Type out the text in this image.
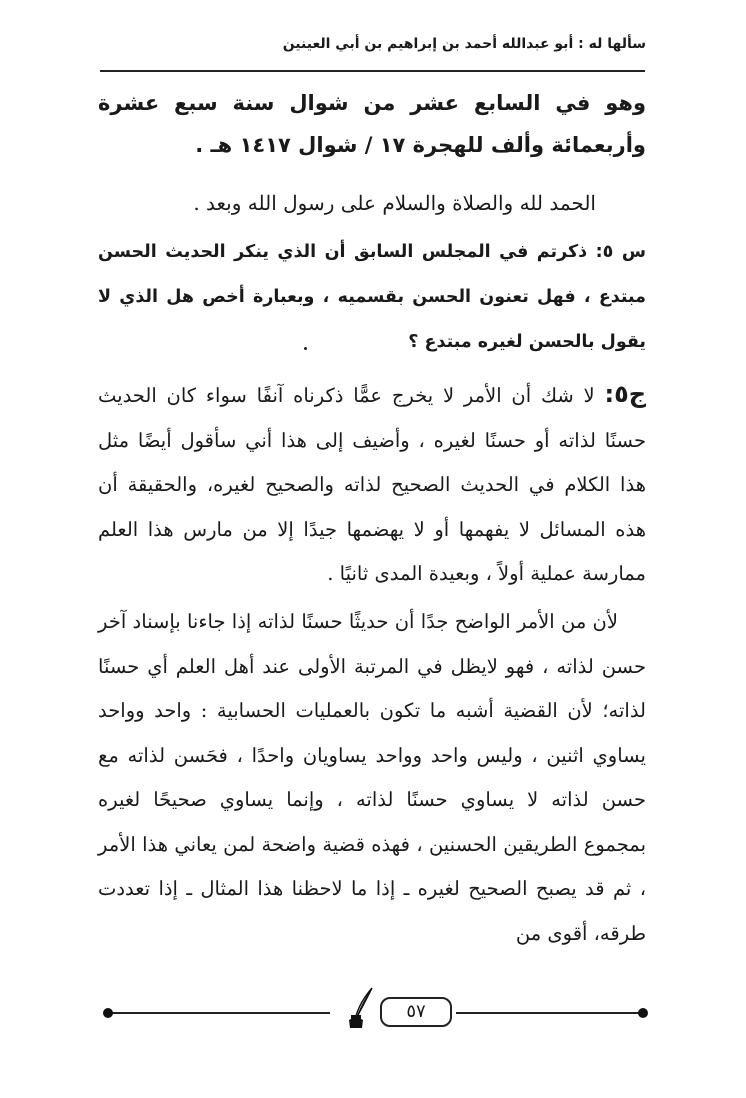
سألها له : أبو عبدالله أحمد بن إبراهيم بن أبي العينين
وهو في السابع عشر من شوال سنة سبع عشرة وأربعمائة وألف للهجرة ١٧ / شوال ١٤١٧ هـ .
الحمد لله والصلاة والسلام على رسول الله وبعد .
س ٥: ذكرتم في المجلس السابق أن الذي ينكر الحديث الحسن مبتدع ، فهل تعنون الحسن بقسميه ، وبعبارة أخص هل الذي لا يقول بالحسن لغيره مبتدع ؟
ج٥: لا شك أن الأمر لا يخرج عمًّا ذكرناه آنفًا سواء كان الحديث حسنًا لذاته أو حسنًا لغيره ، وأضيف إلى هذا أني سأقول أيضًا مثل هذا الكلام في الحديث الصحيح لذاته والصحيح لغيره، والحقيقة أن هذه المسائل لا يفهمها أو لا يهضمها جيدًا إلا من مارس هذا العلم ممارسة عملية أولاً ، وبعيدة المدى ثانيًا .
لأن من الأمر الواضح جدًا أن حديثًا حسنًا لذاته إذا جاءنا بإسناد آخر حسن لذاته ، فهو لايظل في المرتبة الأولى عند أهل العلم أي حسنًا لذاته؛ لأن القضية أشبه ما تكون بالعمليات الحسابية : واحد وواحد يساوي اثنين ، وليس واحد وواحد يساويان واحدًا ، فحَسن لذاته مع حسن لذاته لا يساوي حسنًا لذاته ، وإنما يساوي صحيحًا لغيره بمجموع الطريقين الحسنين ، فهذه قضية واضحة لمن يعاني هذا الأمر ، ثم قد يصبح الصحيح لغيره ـ إذا ما لاحظنا هذا المثال ـ إذا تعددت طرقه، أقوى من
٥٧
